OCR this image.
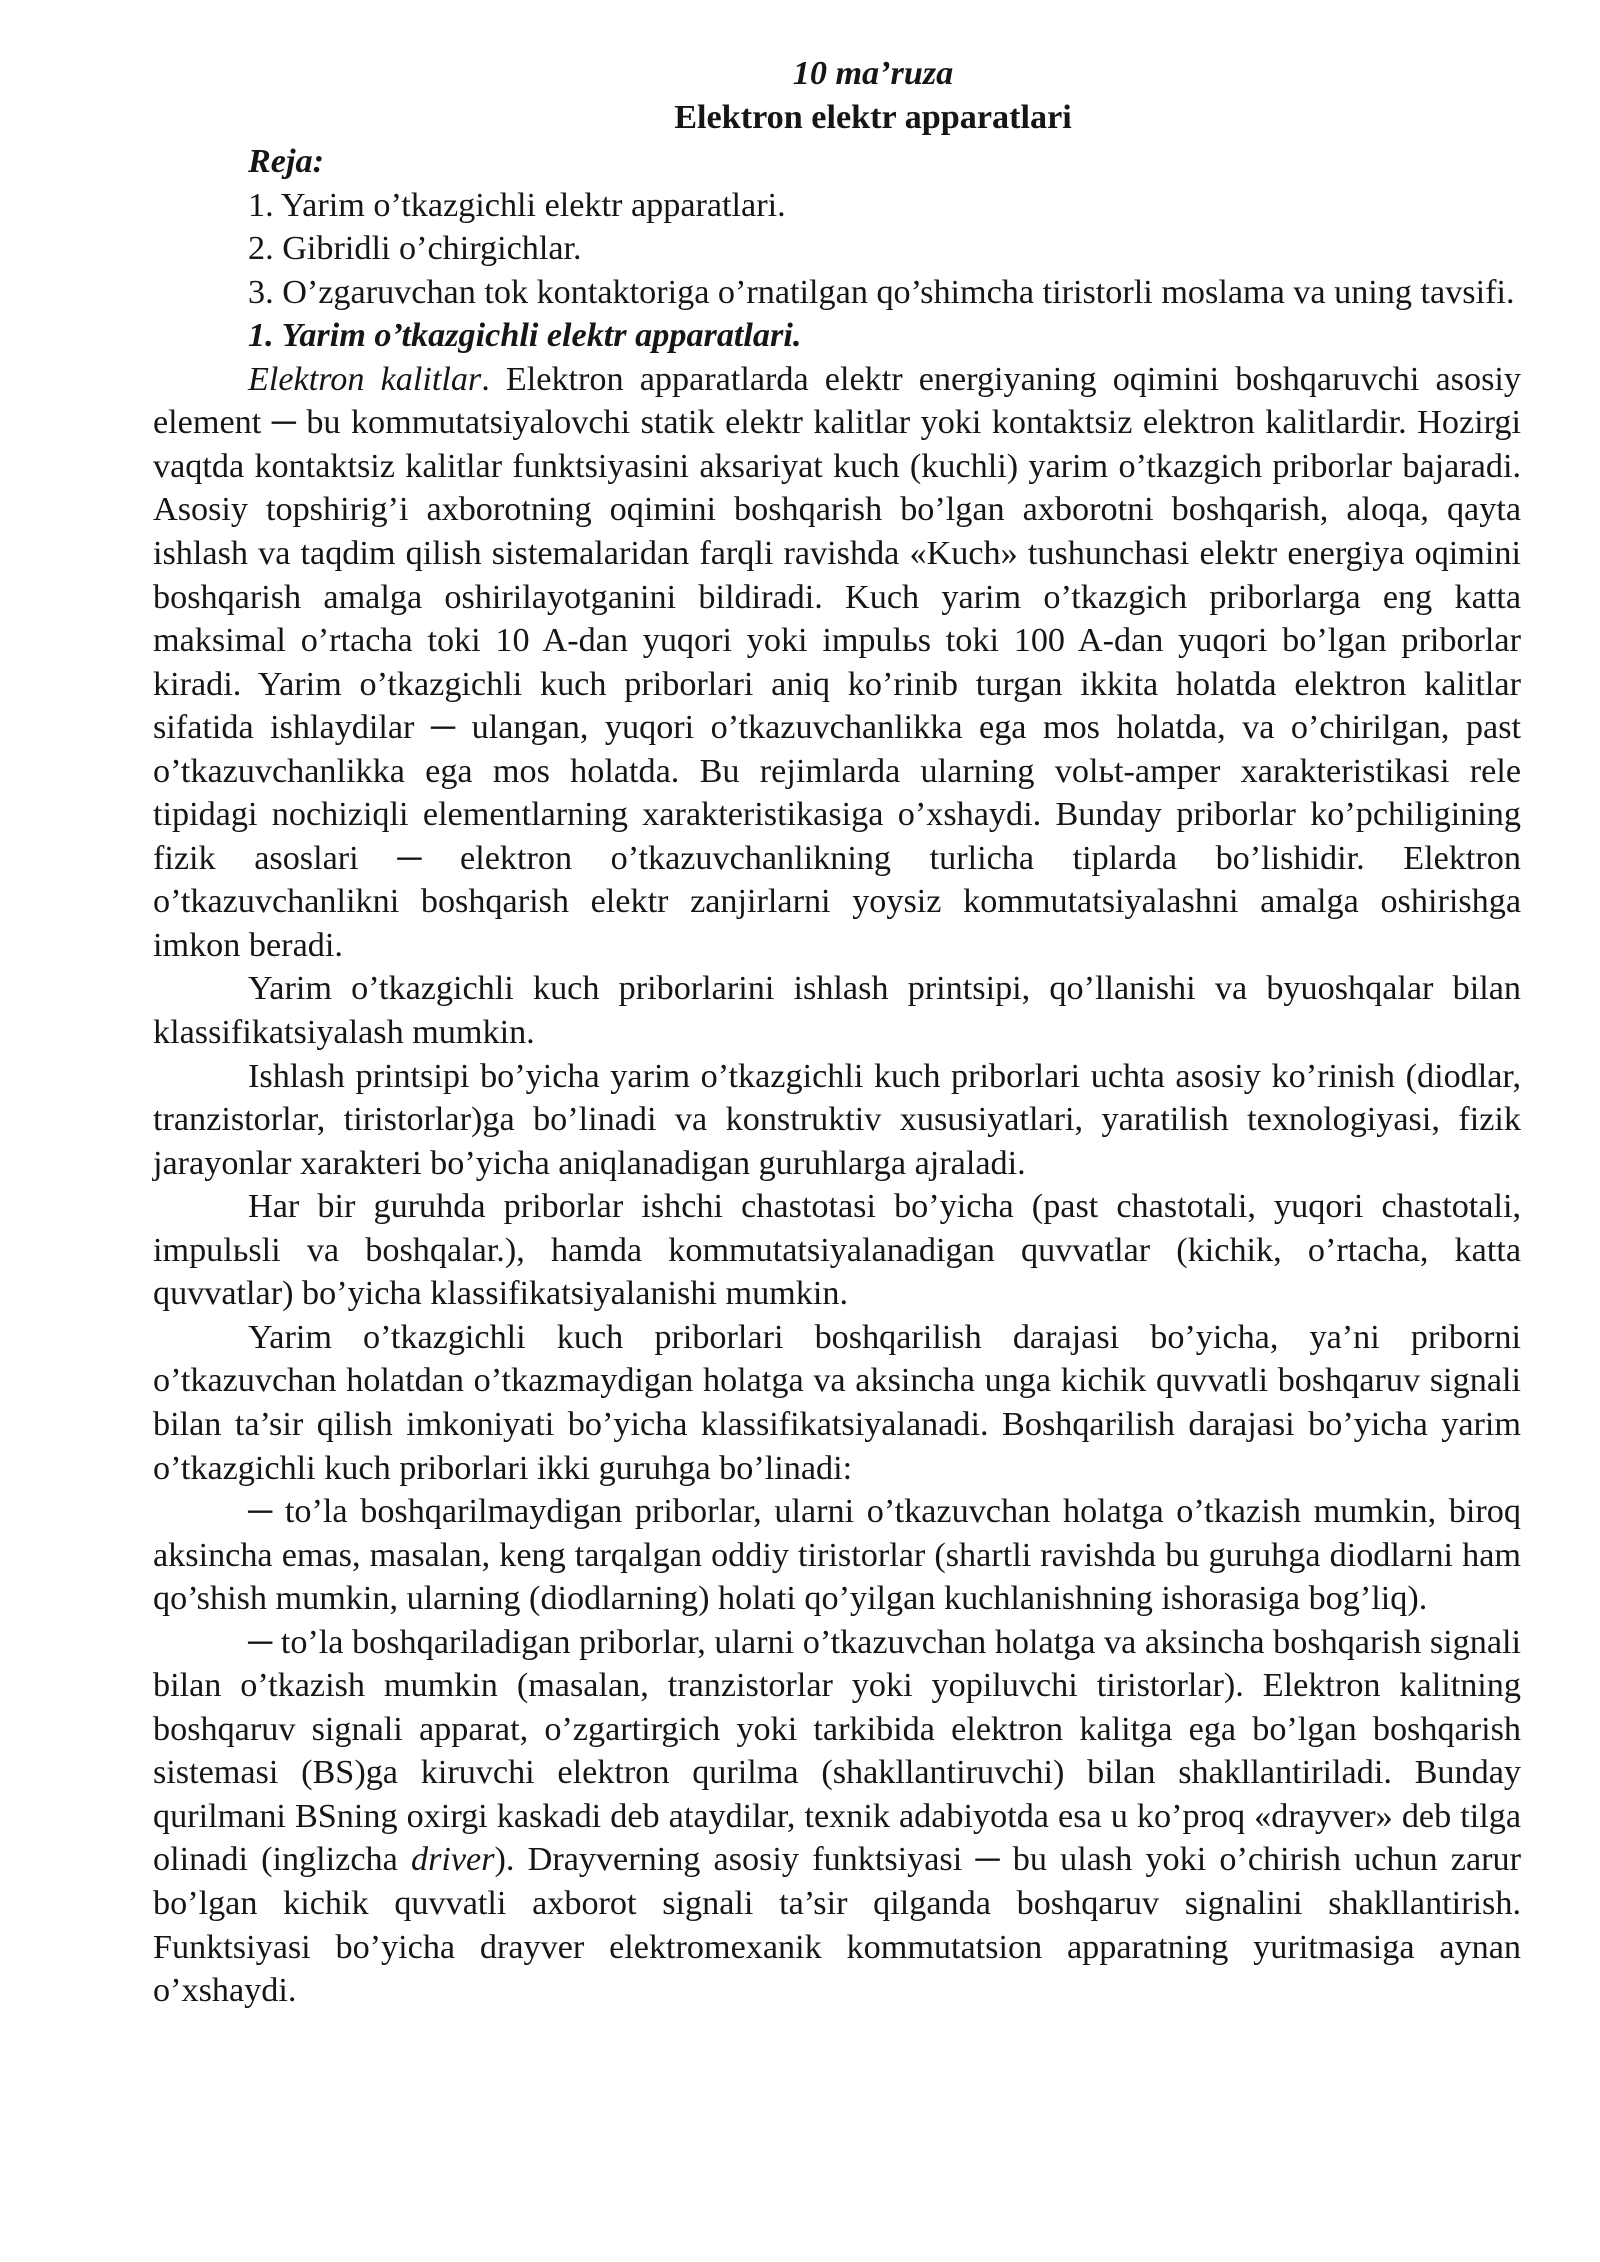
10 ma’ruza
Elektron elektr apparatlari
Reja:
1. Yarim o’tkazgichli elektr apparatlari.
2. Gibridli o’chirgichlar.
3. O’zgaruvchan tok kontaktoriga o’rnatilgan qo’shimcha tiristorli moslama va uning tavsifi.
1. Yarim o’tkazgichli elektr apparatlari.

Elektron kalitlar. Elektron apparatlarda elektr energiyaning oqimini boshqaruvchi asosiy element ─ bu kommutatsiyalovchi statik elektr kalitlar yoki kontaktsiz elektron kalitlardir. Hozirgi vaqtda kontaktsiz kalitlar funktsiyasini aksariyat kuch (kuchli) yarim o’tkazgich priborlar bajaradi. Asosiy topshirig’i axborotning oqimini boshqarish bo’lgan axborotni boshqarish, aloqa, qayta ishlash va taqdim qilish sistemalaridan farqli ravishda «Kuch» tushunchasi elektr energiya oqimini boshqarish amalga oshirilayotganini bildiradi. Kuch yarim o’tkazgich priborlarga eng katta maksimal o’rtacha toki 10 A-dan yuqori yoki impulьs toki 100 A-dan yuqori bo’lgan priborlar kiradi. Yarim o’tkazgichli kuch priborlari aniq ko’rinib turgan ikkita holatda elektron kalitlar sifatida ishlaydilar ─ ulangan, yuqori o’tkazuvchanlikka ega mos holatda, va o’chirilgan, past o’tkazuvchanlikka ega mos holatda. Bu rejimlarda ularning volьt-amper xarakteristikasi rele tipidagi nochiziqli elementlarning xarakteristikasiga o’xshaydi. Bunday priborlar ko’pchiligining fizik asoslari ─ elektron o’tkazuvchanlikning turlicha tiplarda bo’lishidir. Elektron o’tkazuvchanlikni boshqarish elektr zanjirlarni yoysiz kommutatsiyalashni amalga oshirishga imkon beradi.

Yarim o’tkazgichli kuch priborlarini ishlash printsipi, qo’llanishi va byuoshqalar bilan klassifikatsiyalash mumkin.

Ishlash printsipi bo’yicha yarim o’tkazgichli kuch priborlari uchta asosiy ko’rinish (diodlar, tranzistorlar, tiristorlar)ga bo’linadi va konstruktiv xususiyatlari, yaratilish texnologiyasi, fizik jarayonlar xarakteri bo’yicha aniqlanadigan guruhlarga ajraladi.

Har bir guruhda priborlar ishchi chastotasi bo’yicha (past chastotali, yuqori chastotali, impulьsli va boshqalar.), hamda kommutatsiyalanadigan quvvatlar (kichik, o’rtacha, katta quvvatlar) bo’yicha klassifikatsiyalanishi mumkin.

Yarim o’tkazgichli kuch priborlari boshqarilish darajasi bo’yicha, ya’ni priborni o’tkazuvchan holatdan o’tkazmaydigan holatga va aksincha unga kichik quvvatli boshqaruv signali bilan ta’sir qilish imkoniyati bo’yicha klassifikatsiyalanadi. Boshqarilish darajasi bo’yicha yarim o’tkazgichli kuch priborlari ikki guruhga bo’linadi:

─ to’la boshqarilmaydigan priborlar, ularni o’tkazuvchan holatga o’tkazish mumkin, biroq aksincha emas, masalan, keng tarqalgan oddiy tiristorlar (shartli ravishda bu guruhga diodlarni ham qo’shish mumkin, ularning (diodlarning) holati qo’yilgan kuchlanishning ishorasiga bog’liq).

─ to’la boshqariladigan priborlar, ularni o’tkazuvchan holatga va aksincha boshqarish signali bilan o’tkazish mumkin (masalan, tranzistorlar yoki yopiluvchi tiristorlar). Elektron kalitning boshqaruv signali apparat, o’zgartirgich yoki tarkibida elektron kalitga ega bo’lgan boshqarish sistemasi (BS)ga kiruvchi elektron qurilma (shakllantiruvchi) bilan shakllantiriladi. Bunday qurilmani BSning oxirgi kaskadi deb ataydilar, texnik adabiyotda esa u ko’proq «drayver» deb tilga olinadi (inglizcha driver). Drayverning asosiy funktsiyasi ─ bu ulash yoki o’chirish uchun zarur bo’lgan kichik quvvatli axborot signali ta’sir qilganda boshqaruv signalini shakllantirish. Funktsiyasi bo’yicha drayver elektromexanik kommutatsion apparatning yuritmasiga aynan o’xshaydi.
